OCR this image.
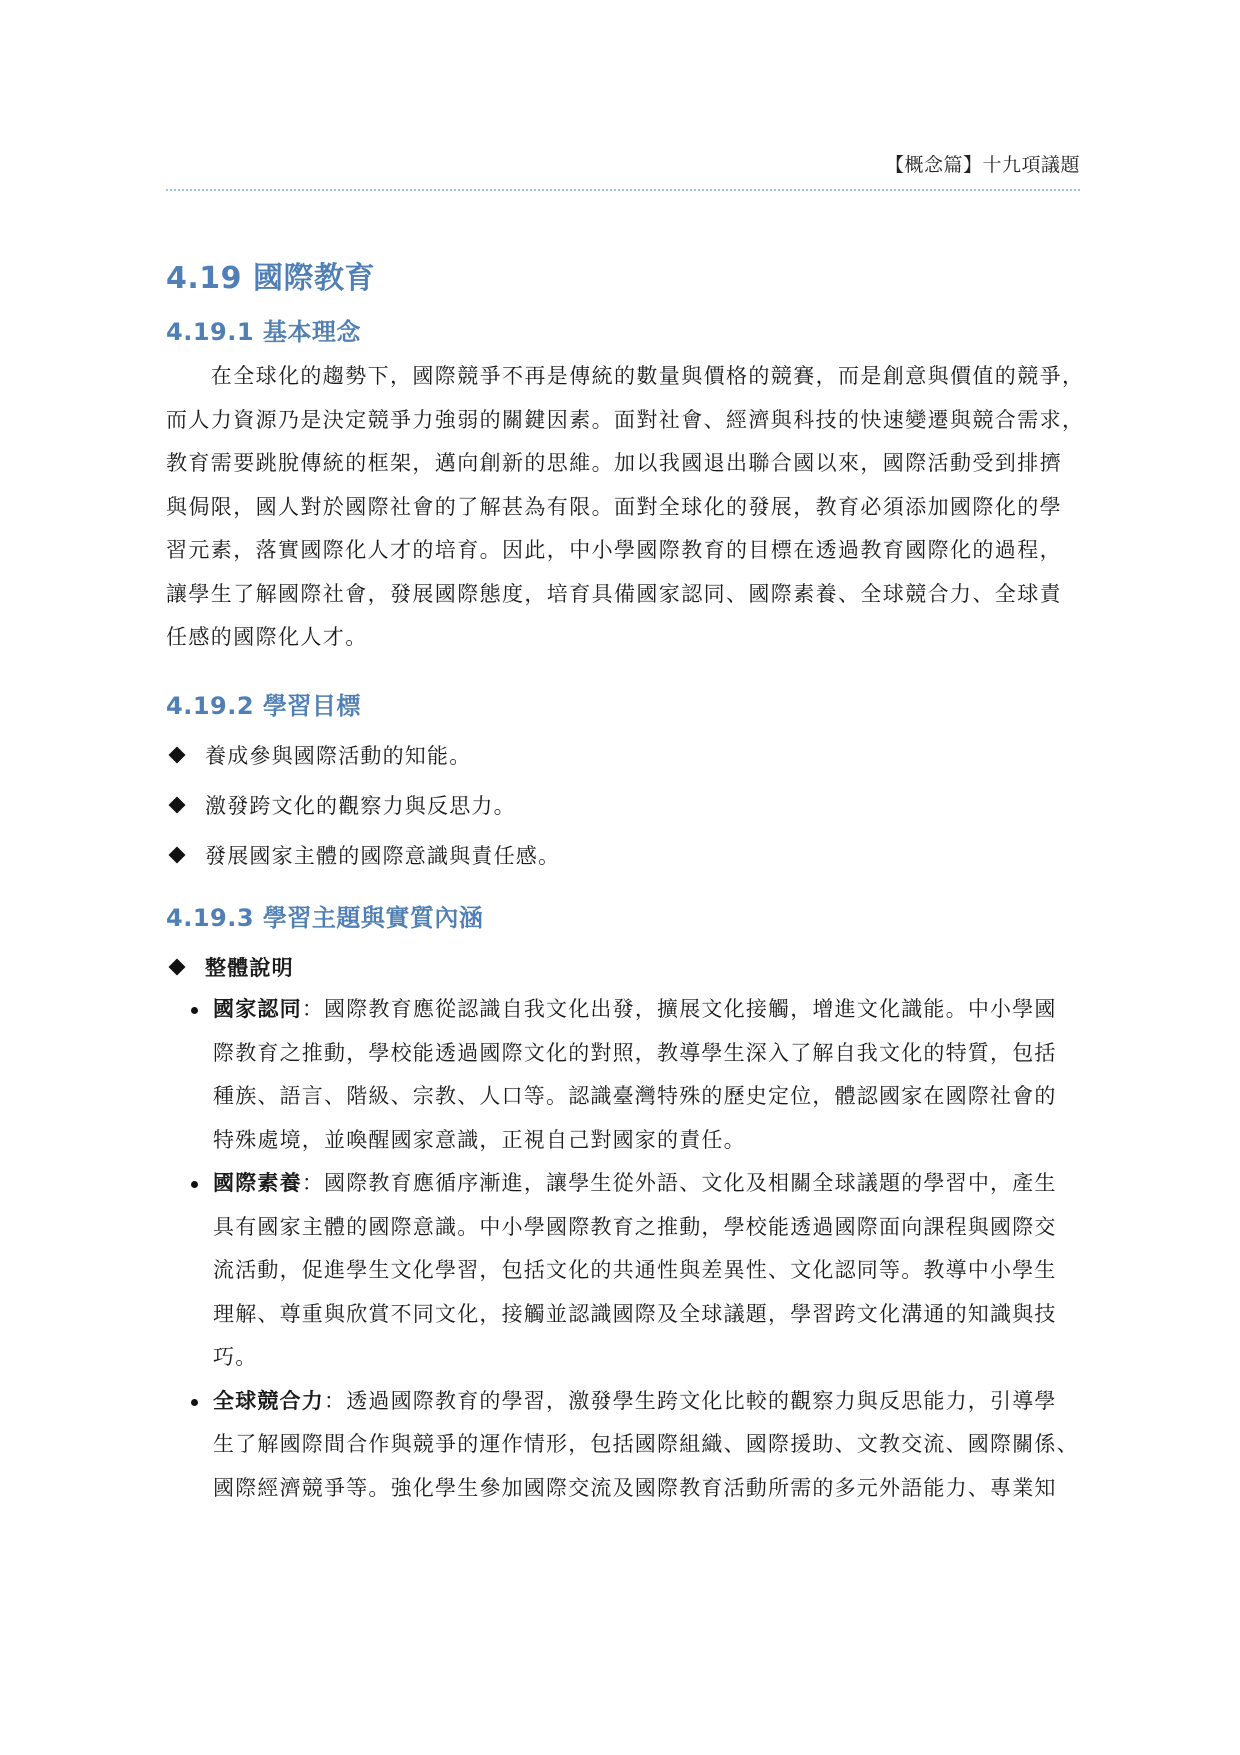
【概念篇】十九項議題
4.19 國際教育
4.19.1 基本理念
　　在全球化的趨勢下，國際競爭不再是傳統的數量與價格的競賽，而是創意與價值的競爭，
而人力資源乃是決定競爭力強弱的關鍵因素。面對社會、經濟與科技的快速變遷與競合需求，
教育需要跳脫傳統的框架，邁向創新的思維。加以我國退出聯合國以來，國際活動受到排擠
與侷限，國人對於國際社會的了解甚為有限。面對全球化的發展，教育必須添加國際化的學
習元素，落實國際化人才的培育。因此，中小學國際教育的目標在透過教育國際化的過程，
讓學生了解國際社會，發展國際態度，培育具備國家認同、國際素養、全球競合力、全球責
任感的國際化人才。
4.19.2 學習目標
養成參與國際活動的知能。
激發跨文化的觀察力與反思力。
發展國家主體的國際意識與責任感。
4.19.3 學習主題與實質內涵
整體說明
國家認同：國際教育應從認識自我文化出發，擴展文化接觸，增進文化識能。中小學國
際教育之推動，學校能透過國際文化的對照，教導學生深入了解自我文化的特質，包括
種族、語言、階級、宗教、人口等。認識臺灣特殊的歷史定位，體認國家在國際社會的
特殊處境，並喚醒國家意識，正視自己對國家的責任。
國際素養：國際教育應循序漸進，讓學生從外語、文化及相關全球議題的學習中，產生
具有國家主體的國際意識。中小學國際教育之推動，學校能透過國際面向課程與國際交
流活動，促進學生文化學習，包括文化的共通性與差異性、文化認同等。教導中小學生
理解、尊重與欣賞不同文化，接觸並認識國際及全球議題，學習跨文化溝通的知識與技
巧。
全球競合力：透過國際教育的學習，激發學生跨文化比較的觀察力與反思能力，引導學
生了解國際間合作與競爭的運作情形，包括國際組織、國際援助、文教交流、國際關係、
國際經濟競爭等。強化學生參加國際交流及國際教育活動所需的多元外語能力、專業知
